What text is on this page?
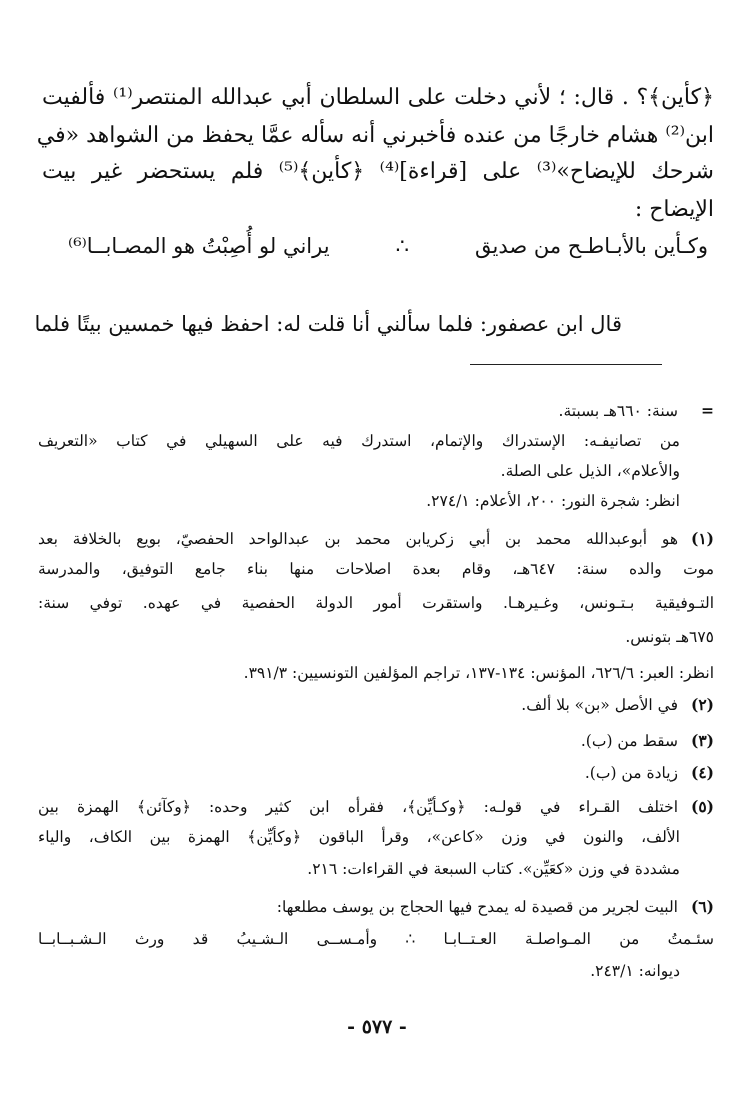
﴿كأين﴾؟ . قال: ؛ لأني دخلت على السلطان أبي عبدالله المنتصر⁽¹⁾ فألفيت
ابن⁽²⁾ هشام خارجًا من عنده فأخبرني أنه سأله عمَّا يحفظ من الشواهد «في
شرحك للإيضاح»⁽³⁾ على [قراءة]⁽⁴⁾ ﴿كأين﴾⁽⁵⁾ فلم يستحضر غير بيت
الإيضاح :
وكـأين بالأبـاطـح من صديق
∴
يراني لو أُصِبْتُ هو المصـابــا⁽⁶⁾
قال ابن عصفور: فلما سألني أنا قلت له: احفظ فيها خمسين بيتًا فلما
=سنة: ٦٦٠هـ بسبتة.
من تصانيفـه: الإستدراك والإتمام، استدرك فيه على السهيلي في كتاب «التعريف
والأعلام»، الذيل على الصلة.
انظر: شجرة النور: ٢٠٠، الأعلام: ٢٧٤/١.
(١)هو أبوعبدالله محمد بن أبي زكريابن محمد بن عبدالواحد الحفصيّ، بويع بالخلافة بعد
موت والده سنة: ٦٤٧هـ، وقام بعدة اصلاحات منها بناء جامع التوفيق، والمدرسة
التـوفيقية بـتـونس، وغـيرهـا. واستقرت أمور الدولة الحفصية في عهده. توفي سنة:
٦٧٥هـ بتونس.
انظر: العبر: ٦٢٦/٦، المؤنس: ١٣٤-١٣٧، تراجم المؤلفين التونسيين: ٣٩١/٣.
(٢)في الأصل «بن» بلا ألف.
(٣)سقط من (ب).
(٤)زيادة من (ب).
(٥)اختلف القـراء في قولـه: ﴿وكـأيِّن﴾، فقرأه ابن كثير وحده: ﴿وكآئن﴾ الهمزة بين
الألف، والنون في وزن «كاعن»، وقرأ الباقون ﴿وكأيِّن﴾ الهمزة بين الكاف، والياء
مشددة في وزن «كعَيِّن». كتاب السبعة في القراءات: ٢١٦.
(٦)البيت لجرير من قصيدة له يمدح فيها الحجاج بن يوسف مطلعها:
سئـمتُ من المـواصلـة العـتــابـا ∴ وأمـســى الـشـيبُ قد ورث الـشـبــابــا
ديوانه: ٢٤٣/١.
- ٥٧٧ -
